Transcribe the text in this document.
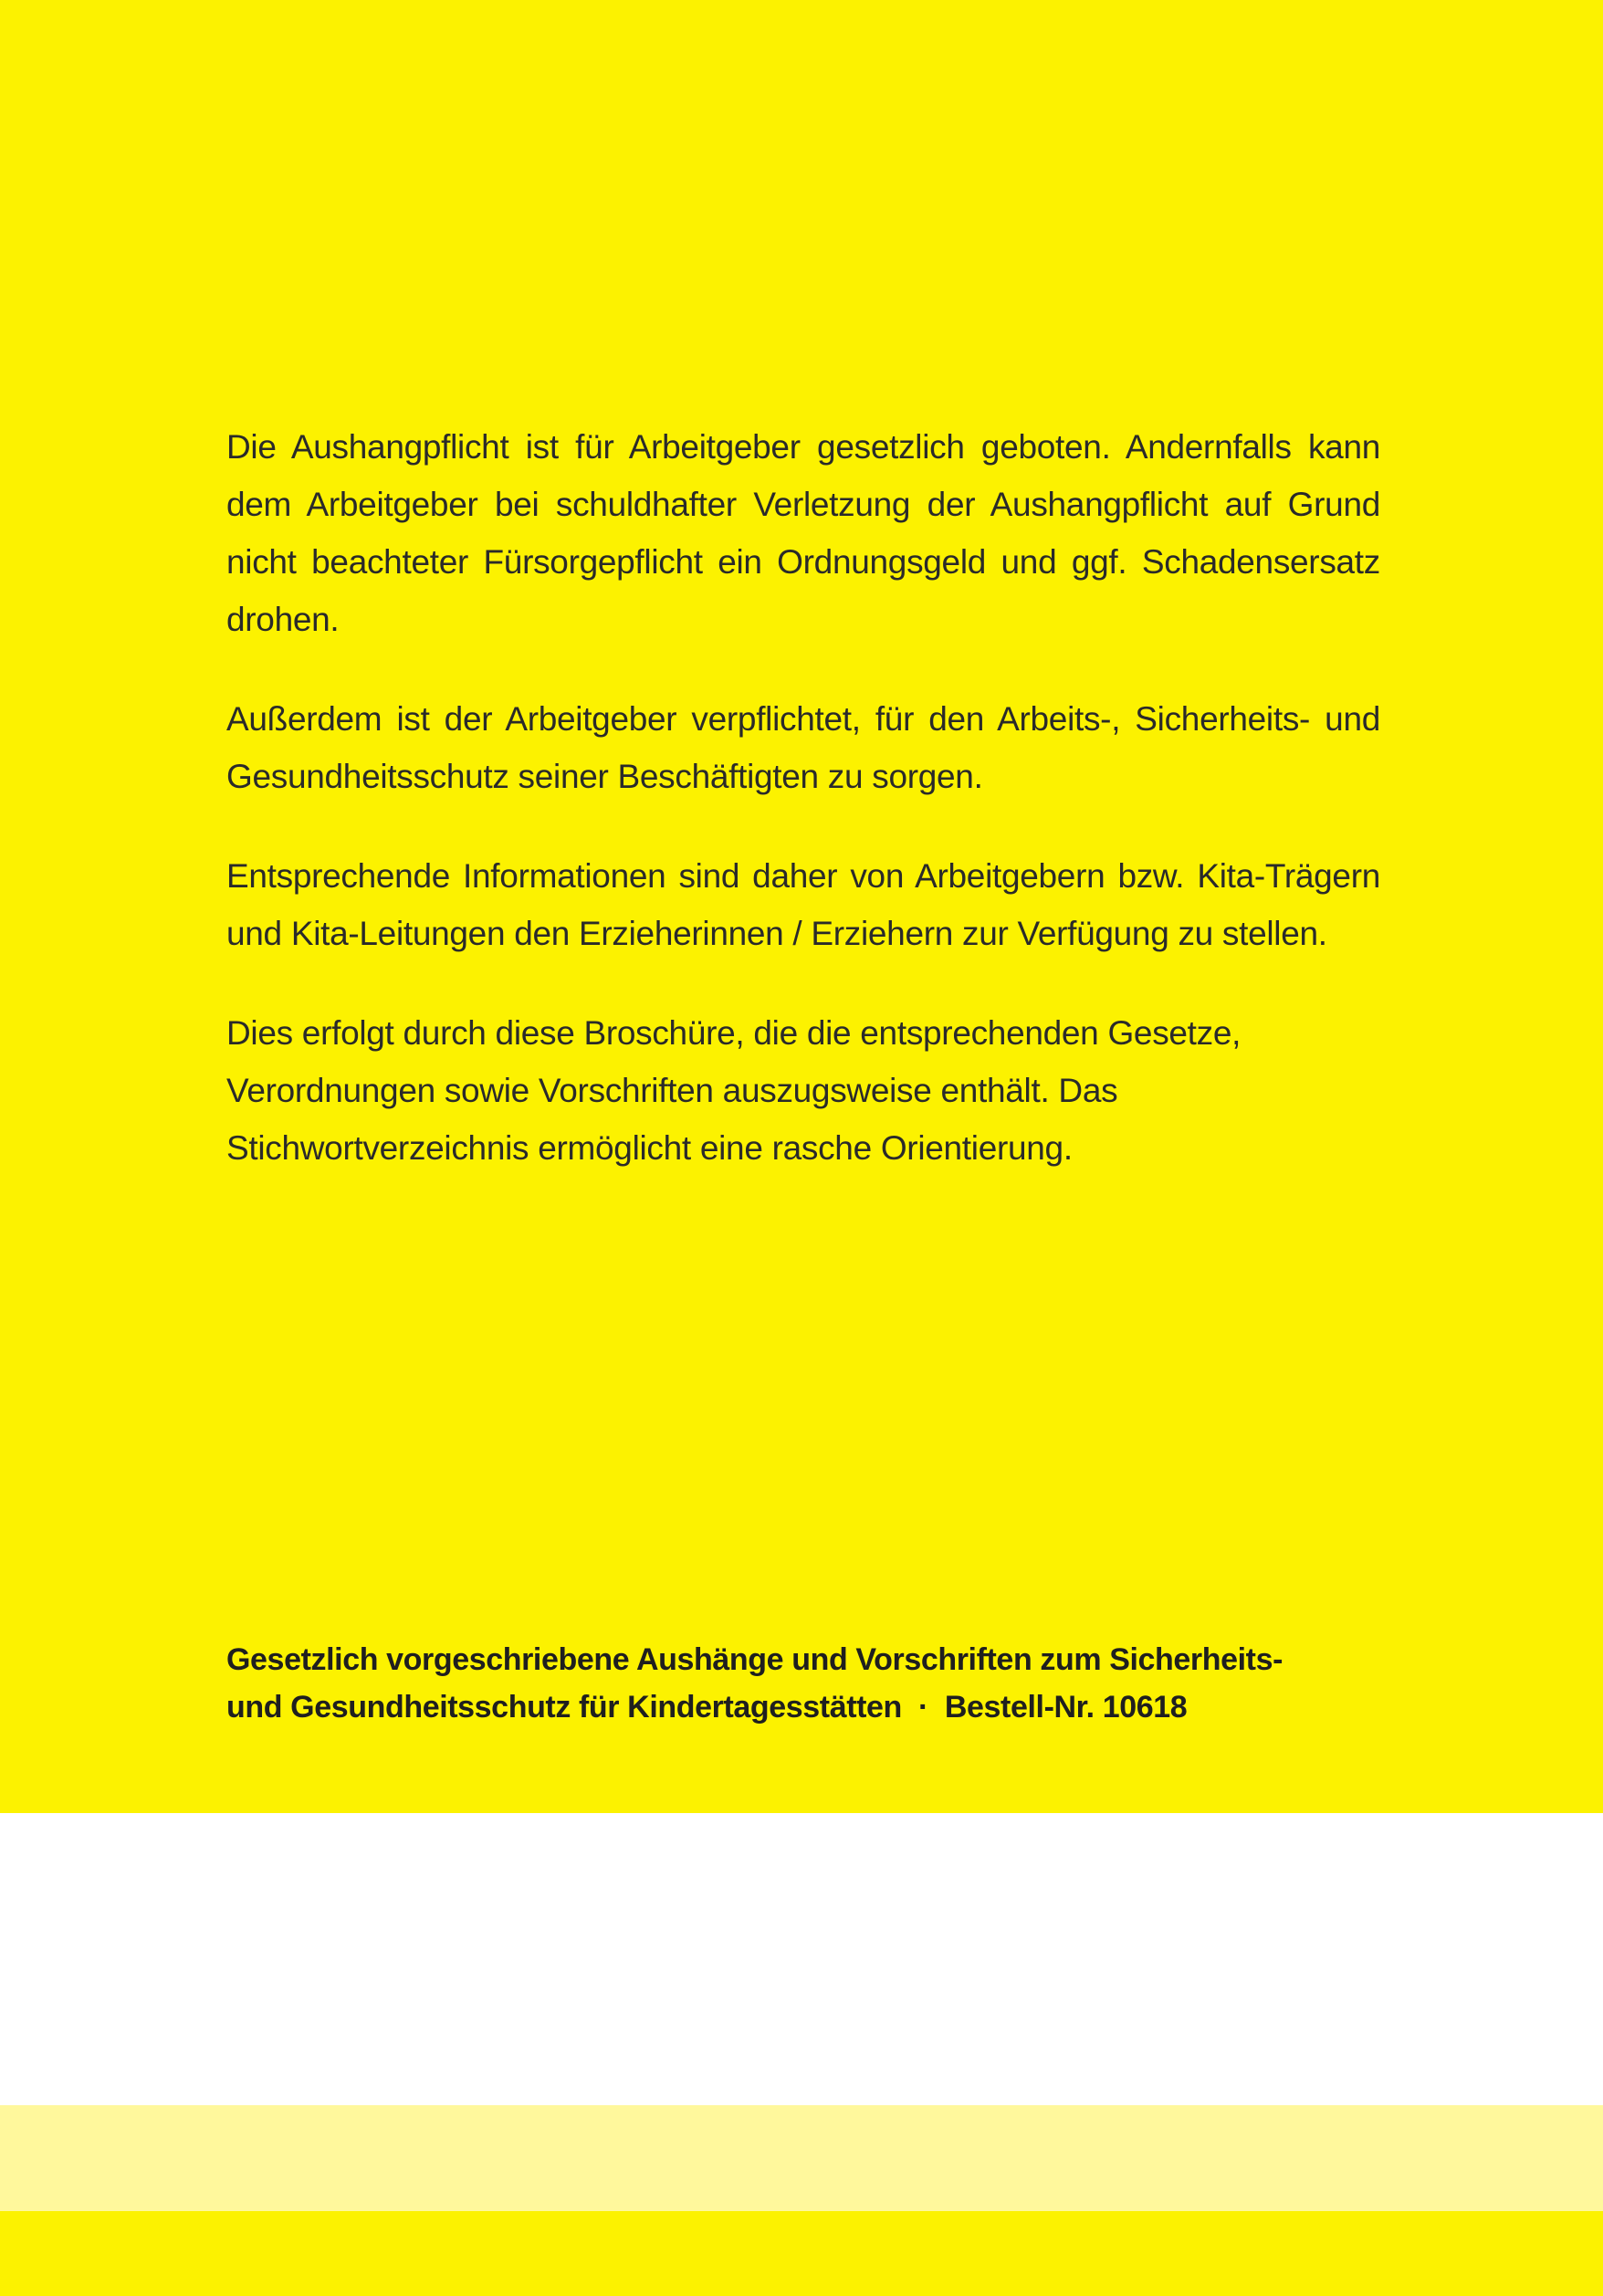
Die Aushangpflicht ist für Arbeitgeber gesetzlich geboten. Andernfalls kann dem Arbeitgeber bei schuldhafter Verletzung der Aushangpflicht auf Grund nicht beachteter Fürsorgepflicht ein Ordnungsgeld und ggf. Schadensersatz drohen.

Außerdem ist der Arbeitgeber verpflichtet, für den Arbeits-, Sicherheits- und Gesundheitsschutz seiner Beschäftigten zu sorgen.

Entsprechende Informationen sind daher von Arbeitgebern bzw. Kita-Trägern und Kita-Leitungen den Erzieherinnen / Erziehern zur Verfügung zu stellen.

Dies erfolgt durch diese Broschüre, die die entsprechenden Gesetze, Verordnungen sowie Vorschriften auszugsweise enthält. Das Stichwortverzeichnis ermöglicht eine rasche Orientierung.

Gesetzlich vorgeschriebene Aushänge und Vorschriften zum Sicherheits-
und Gesundheitsschutz für Kindertagesstätten · Bestell-Nr. 10618
